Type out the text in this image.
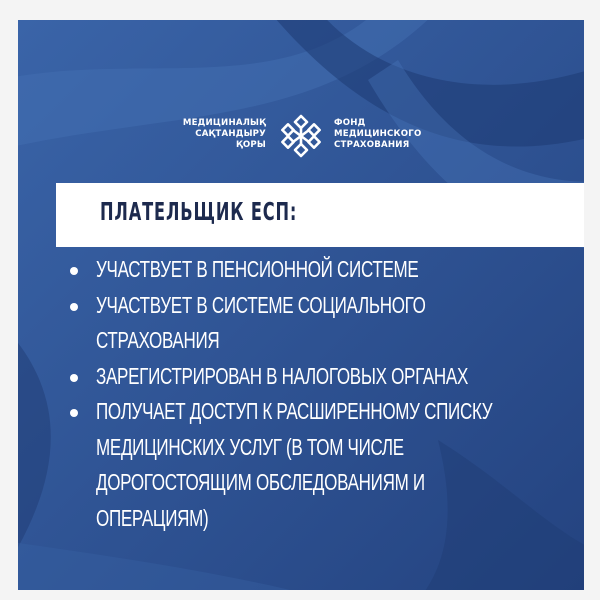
МЕДИЦИНАЛЫҚ
САҚТАНДЫРУ
ҚОРЫ
ФОНД
МЕДИЦИНСКОГО
СТРАХОВАНИЯ
ПЛАТЕЛЬЩИК ЕСП:
УЧАСТВУЕТ В ПЕНСИОННОЙ СИСТЕМЕ
УЧАСТВУЕТ В СИСТЕМЕ СОЦИАЛЬНОГО
СТРАХОВАНИЯ
ЗАРЕГИСТРИРОВАН В НАЛОГОВЫХ ОРГАНАХ
ПОЛУЧАЕТ ДОСТУП К РАСШИРЕННОМУ СПИСКУ
МЕДИЦИНСКИХ УСЛУГ (В ТОМ ЧИСЛЕ
ДОРОГОСТОЯЩИМ ОБСЛЕДОВАНИЯМ И
ОПЕРАЦИЯМ)
